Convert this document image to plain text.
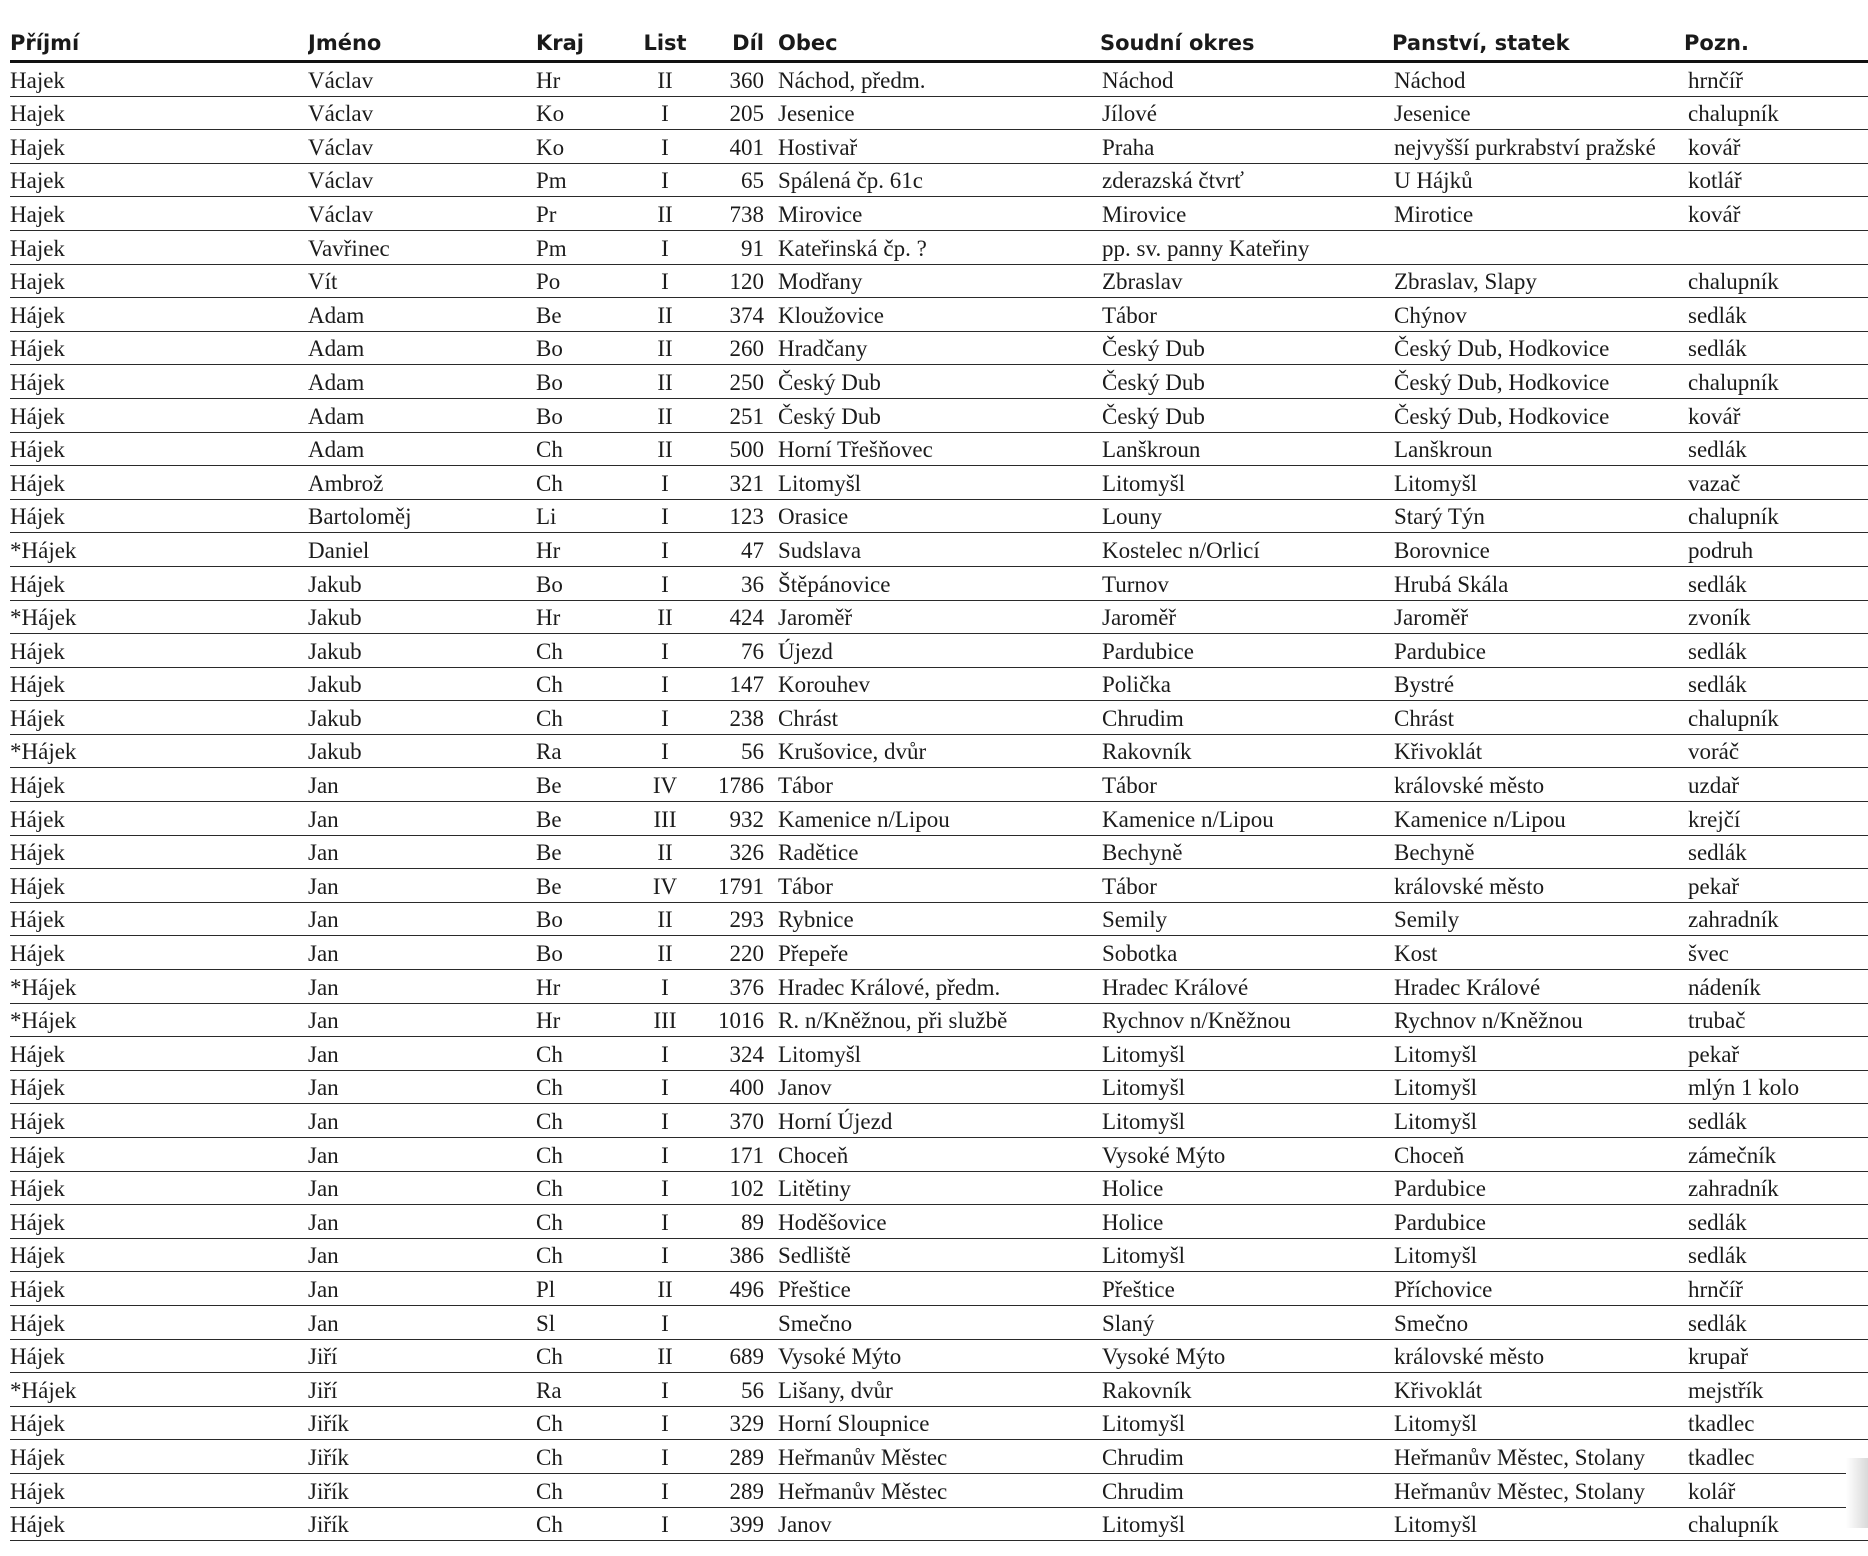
Příjmí	Jméno	Kraj	List	Díl	Obec	Soudní okres	Panství, statek	Pozn.
Hajek	Václav	Hr	II	360	Náchod, předm.	Náchod	Náchod	hrnčíř
Hajek	Václav	Ko	I	205	Jesenice	Jílové	Jesenice	chalupník
Hajek	Václav	Ko	I	401	Hostivař	Praha	nejvyšší purkrabství pražské	kovář
Hajek	Václav	Pm	I	65	Spálená čp. 61c	zderazská čtvrť	U Hájků	kotlář
Hajek	Václav	Pr	II	738	Mirovice	Mirovice	Mirotice	kovář
Hajek	Vavřinec	Pm	I	91	Kateřinská čp. ?	pp. sv. panny Kateřiny		
Hajek	Vít	Po	I	120	Modřany	Zbraslav	Zbraslav, Slapy	chalupník
Hájek	Adam	Be	II	374	Kloužovice	Tábor	Chýnov	sedlák
Hájek	Adam	Bo	II	260	Hradčany	Český Dub	Český Dub, Hodkovice	sedlák
Hájek	Adam	Bo	II	250	Český Dub	Český Dub	Český Dub, Hodkovice	chalupník
Hájek	Adam	Bo	II	251	Český Dub	Český Dub	Český Dub, Hodkovice	kovář
Hájek	Adam	Ch	II	500	Horní Třešňovec	Lanškroun	Lanškroun	sedlák
Hájek	Ambrož	Ch	I	321	Litomyšl	Litomyšl	Litomyšl	vazač
Hájek	Bartoloměj	Li	I	123	Orasice	Louny	Starý Týn	chalupník
*Hájek	Daniel	Hr	I	47	Sudslava	Kostelec n/Orlicí	Borovnice	podruh
Hájek	Jakub	Bo	I	36	Štěpánovice	Turnov	Hrubá Skála	sedlák
*Hájek	Jakub	Hr	II	424	Jaroměř	Jaroměř	Jaroměř	zvoník
Hájek	Jakub	Ch	I	76	Újezd	Pardubice	Pardubice	sedlák
Hájek	Jakub	Ch	I	147	Korouhev	Polička	Bystré	sedlák
Hájek	Jakub	Ch	I	238	Chrást	Chrudim	Chrást	chalupník
*Hájek	Jakub	Ra	I	56	Krušovice, dvůr	Rakovník	Křivoklát	voráč
Hájek	Jan	Be	IV	1786	Tábor	Tábor	královské město	uzdař
Hájek	Jan	Be	III	932	Kamenice n/Lipou	Kamenice n/Lipou	Kamenice n/Lipou	krejčí
Hájek	Jan	Be	II	326	Radětice	Bechyně	Bechyně	sedlák
Hájek	Jan	Be	IV	1791	Tábor	Tábor	královské město	pekař
Hájek	Jan	Bo	II	293	Rybnice	Semily	Semily	zahradník
Hájek	Jan	Bo	II	220	Přepeře	Sobotka	Kost	švec
*Hájek	Jan	Hr	I	376	Hradec Králové, předm.	Hradec Králové	Hradec Králové	nádeník
*Hájek	Jan	Hr	III	1016	R. n/Kněžnou, při službě	Rychnov n/Kněžnou	Rychnov n/Kněžnou	trubač
Hájek	Jan	Ch	I	324	Litomyšl	Litomyšl	Litomyšl	pekař
Hájek	Jan	Ch	I	400	Janov	Litomyšl	Litomyšl	mlýn 1 kolo
Hájek	Jan	Ch	I	370	Horní Újezd	Litomyšl	Litomyšl	sedlák
Hájek	Jan	Ch	I	171	Choceň	Vysoké Mýto	Choceň	zámečník
Hájek	Jan	Ch	I	102	Litětiny	Holice	Pardubice	zahradník
Hájek	Jan	Ch	I	89	Hoděšovice	Holice	Pardubice	sedlák
Hájek	Jan	Ch	I	386	Sedliště	Litomyšl	Litomyšl	sedlák
Hájek	Jan	Pl	II	496	Přeštice	Přeštice	Příchovice	hrnčíř
Hájek	Jan	Sl	I		Smečno	Slaný	Smečno	sedlák
Hájek	Jiří	Ch	II	689	Vysoké Mýto	Vysoké Mýto	královské město	krupař
*Hájek	Jiří	Ra	I	56	Lišany, dvůr	Rakovník	Křivoklát	mejstřík
Hájek	Jiřík	Ch	I	329	Horní Sloupnice	Litomyšl	Litomyšl	tkadlec
Hájek	Jiřík	Ch	I	289	Heřmanův Městec	Chrudim	Heřmanův Městec, Stolany	tkadlec
Hájek	Jiřík	Ch	I	289	Heřmanův Městec	Chrudim	Heřmanův Městec, Stolany	kolář
Hájek	Jiřík	Ch	I	399	Janov	Litomyšl	Litomyšl	chalupník
